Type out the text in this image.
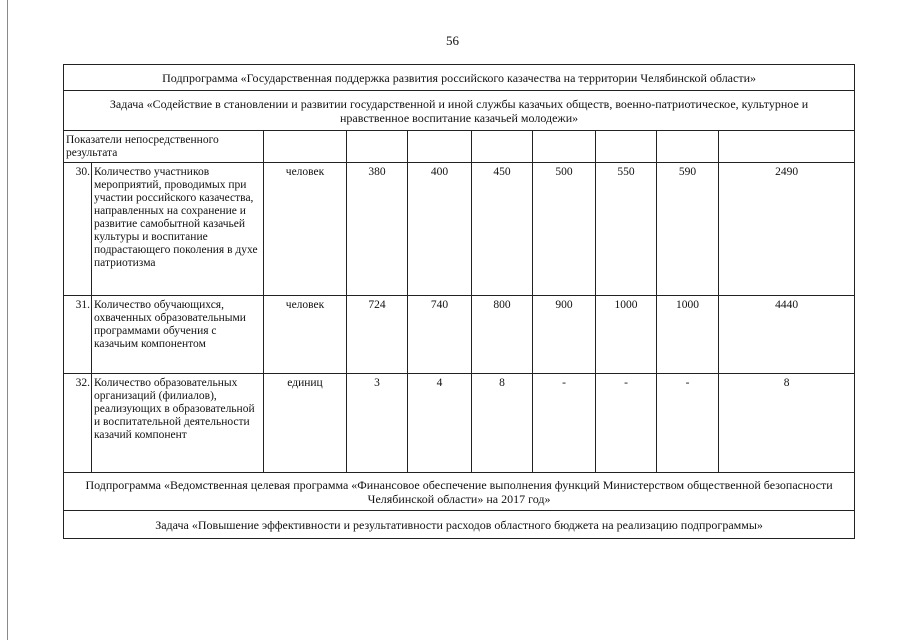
56
Подпрограмма «Государственная поддержка развития российского казачества на территории Челябинской области»									
Задача «Содействие в становлении и развитии государственной и иной службы казачьих обществ, военно-патриотическое, культурное и нравственное воспитание казачьей молодежи»									
Показатели непосредственного результата									
30.	Количество участников мероприятий, проводимых при участии российского казачества, направленных на сохранение и развитие самобытной казачьей культуры и воспитание подрастающего поколения в духе патриотизма	человек	380	400	450	500	550	590	2490
31.	Количество обучающихся, охваченных образовательными программами обучения с казачьим компонентом	человек	724	740	800	900	1000	1000	4440
32.	Количество образовательных организаций (филиалов), реализующих в образовательной и воспитательной деятельности казачий компонент	единиц	3	4	8	-	-	-	8
Подпрограмма «Ведомственная целевая программа «Финансовое обеспечение выполнения функций Министерством общественной безопасности Челябинской области» на 2017 год»									
Задача «Повышение эффективности и результативности расходов областного бюджета на реализацию подпрограммы»									
